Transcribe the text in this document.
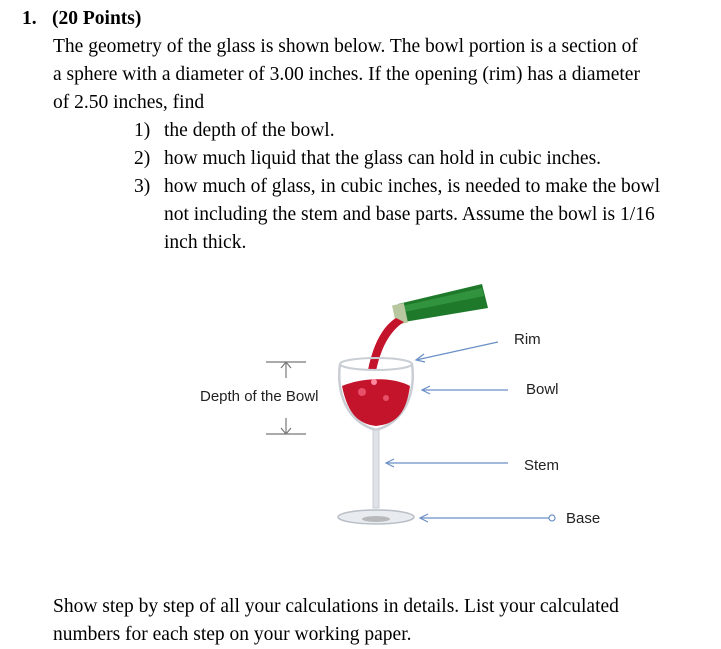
1. (20 Points)
The geometry of the glass is shown below. The bowl portion is a section of
a sphere with a diameter of 3.00 inches. If the opening (rim) has a diameter
of 2.50 inches, find
1) the depth of the bowl.
2) how much liquid that the glass can hold in cubic inches.
3) how much of glass, in cubic inches, is needed to make the bowl
not including the stem and base parts. Assume the bowl is 1/16
inch thick.
Depth of the Bowl
Rim
Bowl
Stem
Base
Show step by step of all your calculations in details. List your calculated
numbers for each step on your working paper.
